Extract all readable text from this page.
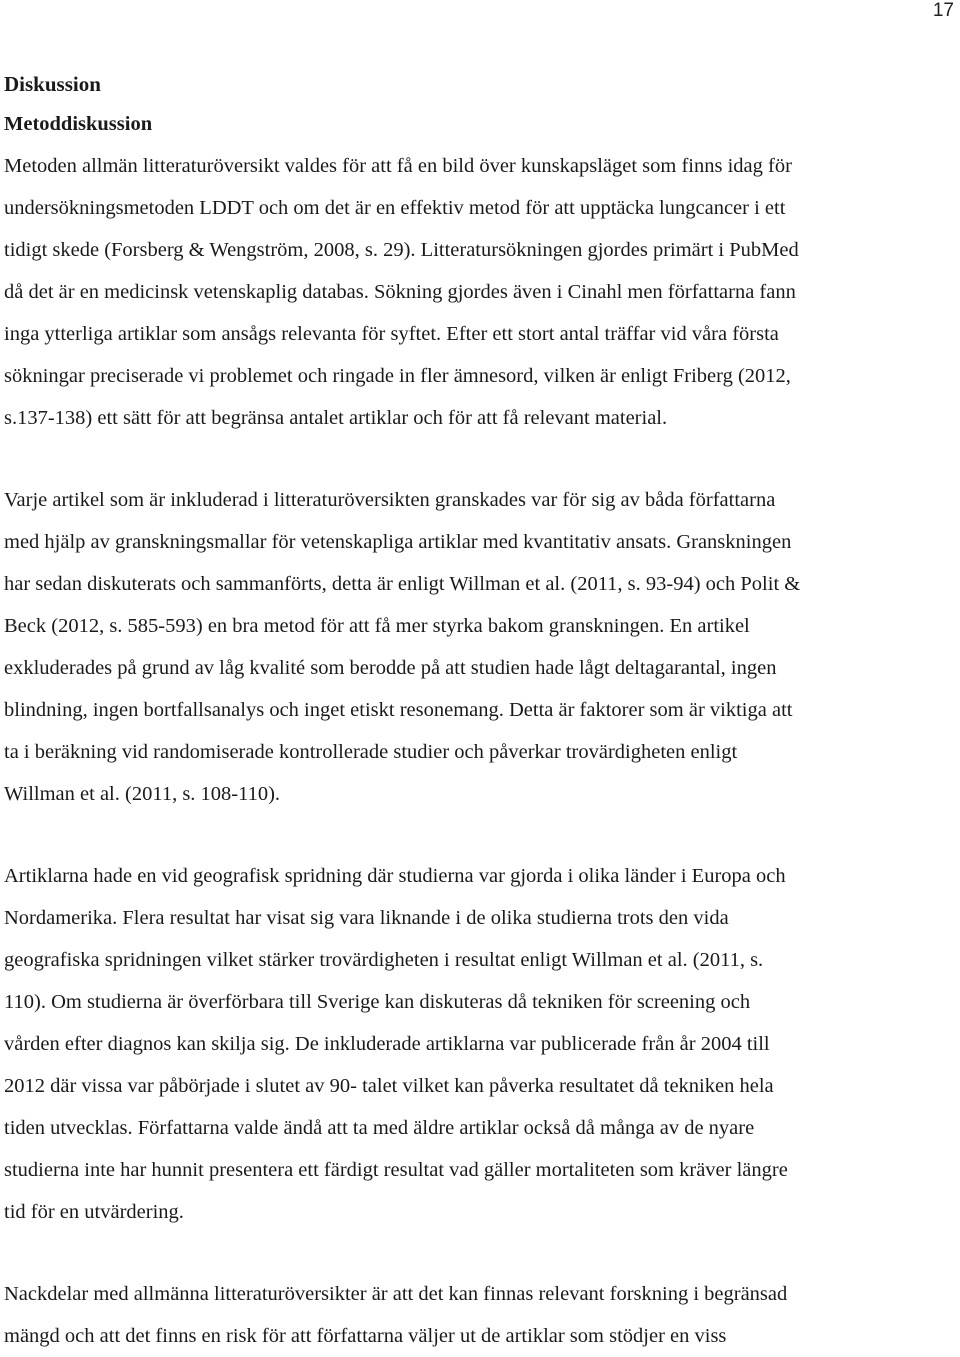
17
Diskussion
Metoddiskussion

Metoden allmän litteraturöversikt valdes för att få en bild över kunskapsläget som finns idag för
undersökningsmetoden LDDT och om det är en effektiv metod för att upptäcka lungcancer i ett
tidigt skede (Forsberg & Wengström, 2008, s. 29). Litteratursökningen gjordes primärt i PubMed
då det är en medicinsk vetenskaplig databas. Sökning gjordes även i Cinahl men författarna fann
inga ytterliga artiklar som ansågs relevanta för syftet. Efter ett stort antal träffar vid våra första
sökningar preciserade vi problemet och ringade in fler ämnesord, vilken är enligt Friberg (2012,
s.137-138) ett sätt för att begränsa antalet artiklar och för att få relevant material.

Varje artikel som är inkluderad i litteraturöversikten granskades var för sig av båda författarna
med hjälp av granskningsmallar för vetenskapliga artiklar med kvantitativ ansats. Granskningen
har sedan diskuterats och sammanförts, detta är enligt Willman et al. (2011, s. 93-94) och Polit &
Beck (2012, s. 585-593) en bra metod för att få mer styrka bakom granskningen. En artikel
exkluderades på grund av låg kvalité som berodde på att studien hade lågt deltagarantal, ingen
blindning, ingen bortfallsanalys och inget etiskt resonemang. Detta är faktorer som är viktiga att
ta i beräkning vid randomiserade kontrollerade studier och påverkar trovärdigheten enligt
Willman et al. (2011, s. 108-110).

Artiklarna hade en vid geografisk spridning där studierna var gjorda i olika länder i Europa och
Nordamerika. Flera resultat har visat sig vara liknande i de olika studierna trots den vida
geografiska spridningen vilket stärker trovärdigheten i resultat enligt Willman et al. (2011, s.
110). Om studierna är överförbara till Sverige kan diskuteras då tekniken för screening och
vården efter diagnos kan skilja sig. De inkluderade artiklarna var publicerade från år 2004 till
2012 där vissa var påbörjade i slutet av 90- talet vilket kan påverka resultatet då tekniken hela
tiden utvecklas. Författarna valde ändå att ta med äldre artiklar också då många av de nyare
studierna inte har hunnit presentera ett färdigt resultat vad gäller mortaliteten som kräver längre
tid för en utvärdering.

Nackdelar med allmänna litteraturöversikter är att det kan finnas relevant forskning i begränsad
mängd och att det finns en risk för att författarna väljer ut de artiklar som stödjer en viss
